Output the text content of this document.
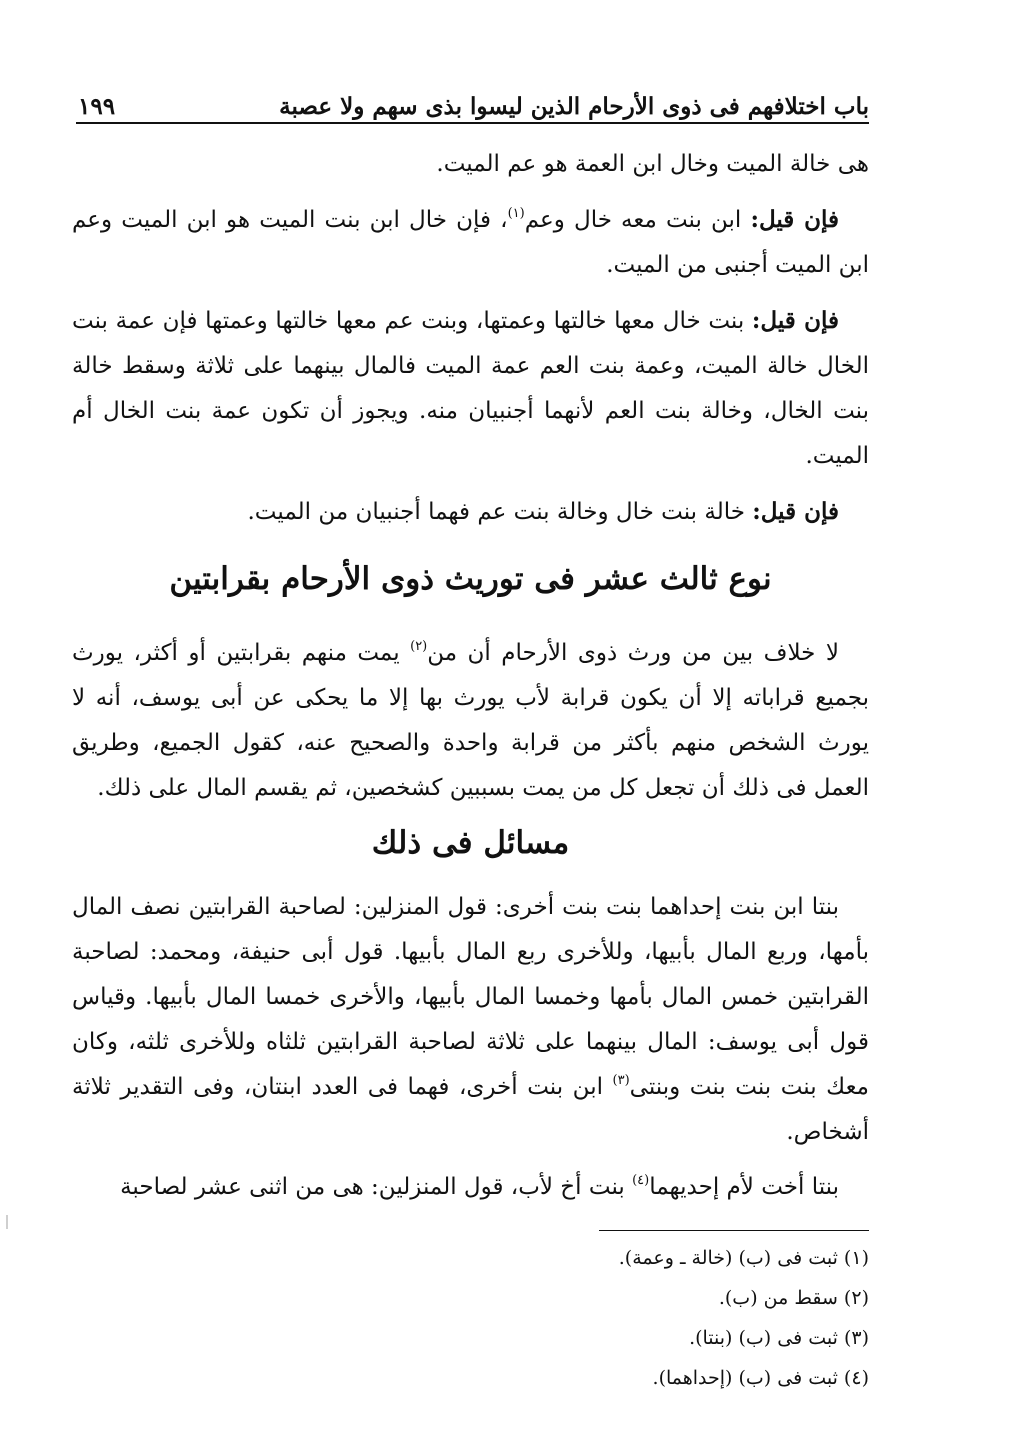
باب اختلافهم فى ذوى الأرحام الذين ليسوا بذى سهم ولا عصبة
١٩٩

هى خالة الميت وخال ابن العمة هو عم الميت.

فإن قيل: ابن بنت معه خال وعم$^{(١)}$، فإن خال ابن بنت الميت هو ابن الميت وعم ابن الميت أجنبى من الميت.

فإن قيل: بنت خال معها خالتها وعمتها، وبنت عم معها خالتها وعمتها فإن عمة بنت الخال خالة الميت، وعمة بنت العم عمة الميت فالمال بينهما على ثلاثة وسقط خالة بنت الخال، وخالة بنت العم لأنهما أجنبيان منه. ويجوز أن تكون عمة بنت الخال أم الميت.

فإن قيل: خالة بنت خال وخالة بنت عم فهما أجنبيان من الميت.

نوع ثالث عشر فى توريث ذوى الأرحام بقرابتين

لا خلاف بين من ورث ذوى الأرحام أن من$^{(٢)}$ يمت منهم بقرابتين أو أكثر، يورث بجميع قراباته إلا أن يكون قرابة لأب يورث بها إلا ما يحكى عن أبى يوسف، أنه لا يورث الشخص منهم بأكثر من قرابة واحدة والصحيح عنه، كقول الجميع، وطريق العمل فى ذلك أن تجعل كل من يمت بسببين كشخصين، ثم يقسم المال على ذلك.

مسائل فى ذلك

بنتا ابن بنت إحداهما بنت بنت أخرى: قول المنزلين: لصاحبة القرابتين نصف المال بأمها، وربع المال بأبيها، وللأخرى ربع المال بأبيها. قول أبى حنيفة، ومحمد: لصاحبة القرابتين خمس المال بأمها وخمسا المال بأبيها، والأخرى خمسا المال بأبيها. وقياس قول أبى يوسف: المال بينهما على ثلاثة لصاحبة القرابتين ثلثاه وللأخرى ثلثه، وكان معك بنت بنت بنت وبنتى$^{(٣)}$ ابن بنت أخرى، فهما فى العدد ابنتان، وفى التقدير ثلاثة أشخاص.

بنتا أخت لأم إحديهما$^{(٤)}$ بنت أخ لأب، قول المنزلين: هى من اثنى عشر لصاحبة

(١) ثبت فى (ب) (خالة ـ وعمة).

(٢) سقط من (ب).

(٣) ثبت فى (ب) (بنتا).

(٤) ثبت فى (ب) (إحداهما).
